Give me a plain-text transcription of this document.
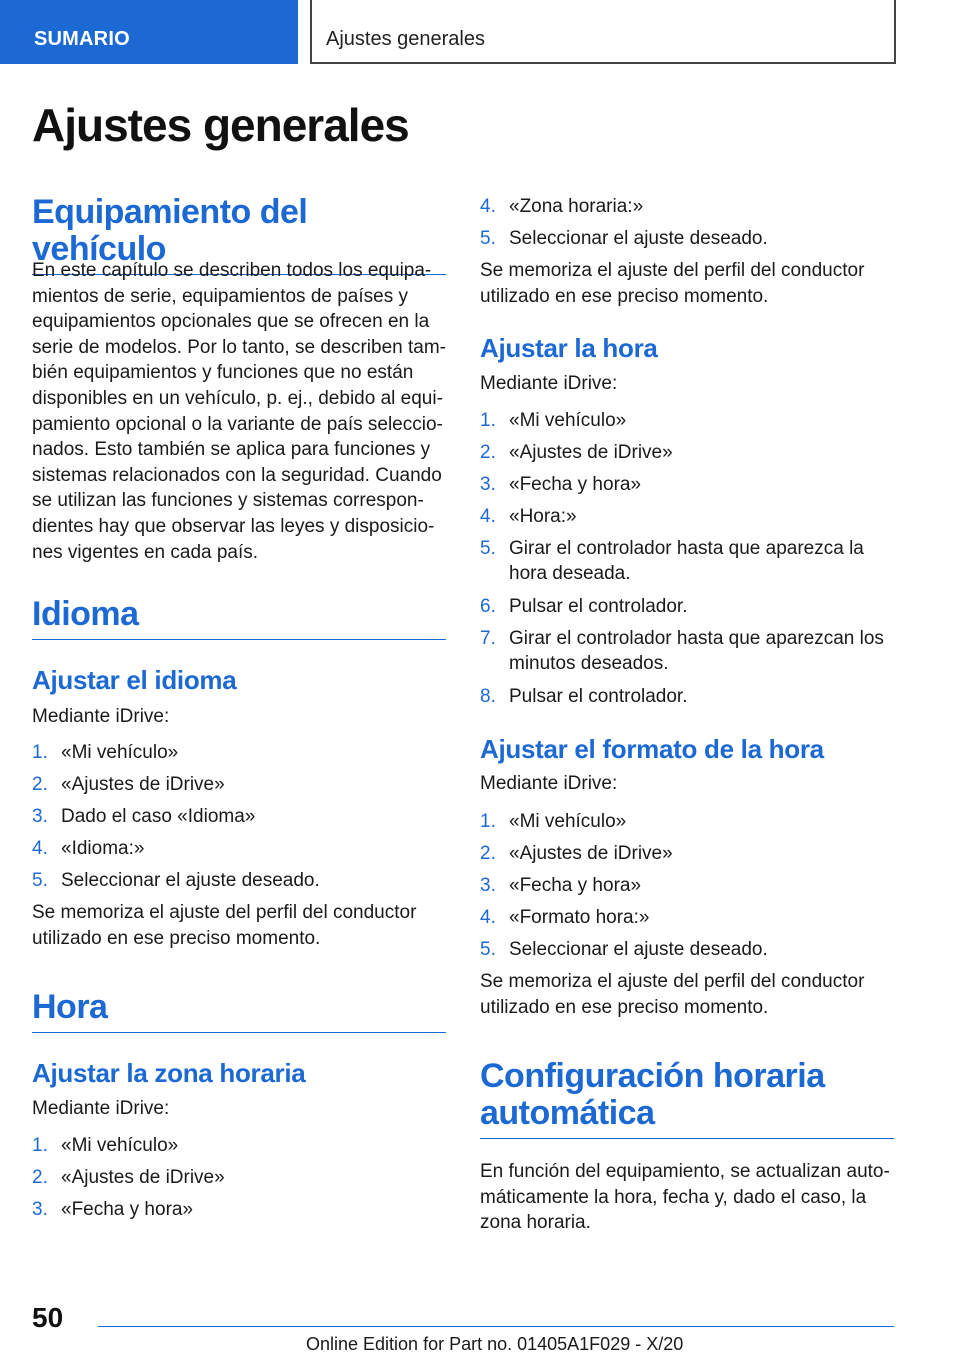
SUMARIO	Ajustes generales
Ajustes generales
Equipamiento del vehículo
En este capítulo se describen todos los equipa-
mientos de serie, equipamientos de países y
equipamientos opcionales que se ofrecen en la
serie de modelos. Por lo tanto, se describen tam-
bién equipamientos y funciones que no están
disponibles en un vehículo, p. ej., debido al equi-
pamiento opcional o la variante de país seleccio-
nados. Esto también se aplica para funciones y
sistemas relacionados con la seguridad. Cuando
se utilizan las funciones y sistemas correspon-
dientes hay que observar las leyes y disposicio-
nes vigentes en cada país.
Idioma
Ajustar el idioma
Mediante iDrive:
1. «Mi vehículo»
2. «Ajustes de iDrive»
3. Dado el caso «Idioma»
4. «Idioma:»
5. Seleccionar el ajuste deseado.
Se memoriza el ajuste del perfil del conductor
utilizado en ese preciso momento.
Hora
Ajustar la zona horaria
Mediante iDrive:
1. «Mi vehículo»
2. «Ajustes de iDrive»
3. «Fecha y hora»
4. «Zona horaria:»
5. Seleccionar el ajuste deseado.
Se memoriza el ajuste del perfil del conductor
utilizado en ese preciso momento.
Ajustar la hora
Mediante iDrive:
1. «Mi vehículo»
2. «Ajustes de iDrive»
3. «Fecha y hora»
4. «Hora:»
5. Girar el controlador hasta que aparezca la
hora deseada.
6. Pulsar el controlador.
7. Girar el controlador hasta que aparezcan los
minutos deseados.
8. Pulsar el controlador.
Ajustar el formato de la hora
Mediante iDrive:
1. «Mi vehículo»
2. «Ajustes de iDrive»
3. «Fecha y hora»
4. «Formato hora:»
5. Seleccionar el ajuste deseado.
Se memoriza el ajuste del perfil del conductor
utilizado en ese preciso momento.
Configuración horaria
automática
En función del equipamiento, se actualizan auto-
máticamente la hora, fecha y, dado el caso, la
zona horaria.
50
Online Edition for Part no. 01405A1F029 - X/20
